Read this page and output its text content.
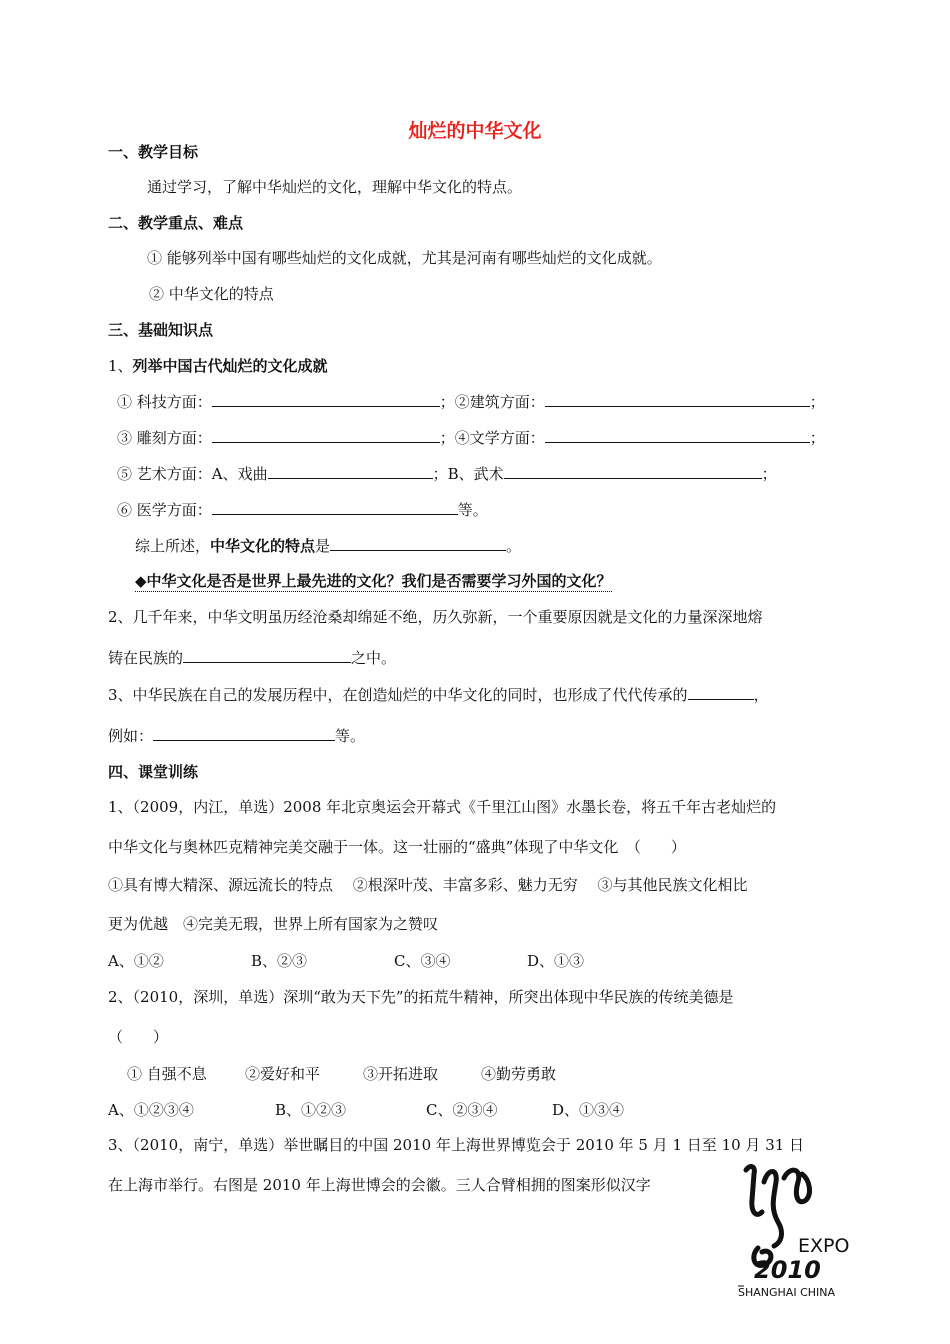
灿烂的中华文化
一、教学目标
通过学习，了解中华灿烂的文化，理解中华文化的特点。
二、教学重点、难点
① 能够列举中国有哪些灿烂的文化成就，尤其是河南有哪些灿烂的文化成就。
② 中华文化的特点
三、基础知识点
1、列举中国古代灿烂的文化成就
① 科技方面：	；②建筑方面：	；
③ 雕刻方面：	；④文学方面：	；
⑤ 艺术方面：A、戏曲	；B、武术	；
⑥ 医学方面：	等。
综上所述，中华文化的特点是	。
◆中华文化是否是世界上最先进的文化？我们是否需要学习外国的文化？
2、几千年来，中华文明虽历经沧桑却绵延不绝，历久弥新，一个重要原因就是文化的力量深深地熔
铸在民族的	之中。
3、中华民族在自己的发展历程中，在创造灿烂的中华文化的同时，也形成了代代传承的	，
例如：	等。
四、课堂训练
1、（2009，内江，单选）2008 年北京奥运会开幕式《千里江山图》水墨长卷，将五千年古老灿烂的
中华文化与奥林匹克精神完美交融于一体。这一壮丽的“盛典”体现了中华文化　（　　）
①具有博大精深、源远流长的特点　 ②根深叶茂、丰富多彩、魅力无穷　 ③与其他民族文化相比
更为优越　④完美无瑕，世界上所有国家为之赞叹
A、①②	B、②③	C、③④	D、①③
2、（2010，深圳，单选）深圳“敢为天下先”的拓荒牛精神，所突出体现中华民族的传统美德是
（　　）
① 自强不息	②爱好和平	③开拓进取	④勤劳勇敢
A、①②③④	B、①②③	C、②③④	D、①③④
3、（2010，南宁，单选）举世瞩目的中国 2010 年上海世界博览会于 2010 年 5 月 1 日至 10 月 31 日
在上海市举行。右图是 2010 年上海世博会的会徽。三人合臂相拥的图案形似汉字
EXPO
2010
SHANGHAI CHINA
